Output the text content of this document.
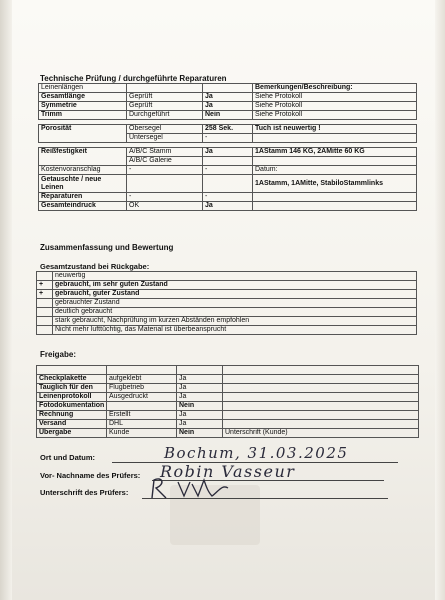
Technische Prüfung / durchgeführte Reparaturen
Leinenlängen			Bemerkungen/Beschreibung:
Gesamtlänge	Geprüft	Ja	Siehe Protokoll
Symmetrie	Geprüft	Ja	Siehe Protokoll
Trimm	Durchgeführt	Nein	Siehe Protokoll

Porosität	Obersegel	258 Sek.	Tuch ist neuwertig !
	Untersegel	-	

Reißfestigkeit	A/B/C Stamm	Ja	1AStamm 146 KG, 2AMitte 60 KG
	A/B/C Galerie		
Kostenvoranschlag	-	-	Datum:
Getauschte / neue Leinen			1AStamm, 1AMitte, StabiloStammlinks
Reparaturen	-	-	
Gesamteindruck	OK	Ja	
Zusammenfassung und Bewertung
Gesamtzustand bei Rückgabe:
	neuwertig
+	gebraucht, im sehr guten Zustand
+	gebraucht, guter Zustand
	gebrauchter Zustand
	deutlich gebraucht
	stark gebraucht, Nachprüfung im kurzen Abständen empfohlen
	Nicht mehr lufttüchtig, das Material ist überbeansprucht
Freigabe:

Checkplakette	aufgeklebt	Ja	
Tauglich für den	Flugbetrieb	Ja	
Leinenprotokoll	Ausgedruckt	Ja	
Fotodokumentation		Nein	
Rechnung	Erstellt	Ja	
Versand	DHL	Ja	
Übergabe	Kunde	Nein	Unterschrift (Kunde)
Ort und Datum:	Bochum, 31.03.2025
Vor- Nachname des Prüfers: Robin Vasseur
Unterschrift des Prüfers:
